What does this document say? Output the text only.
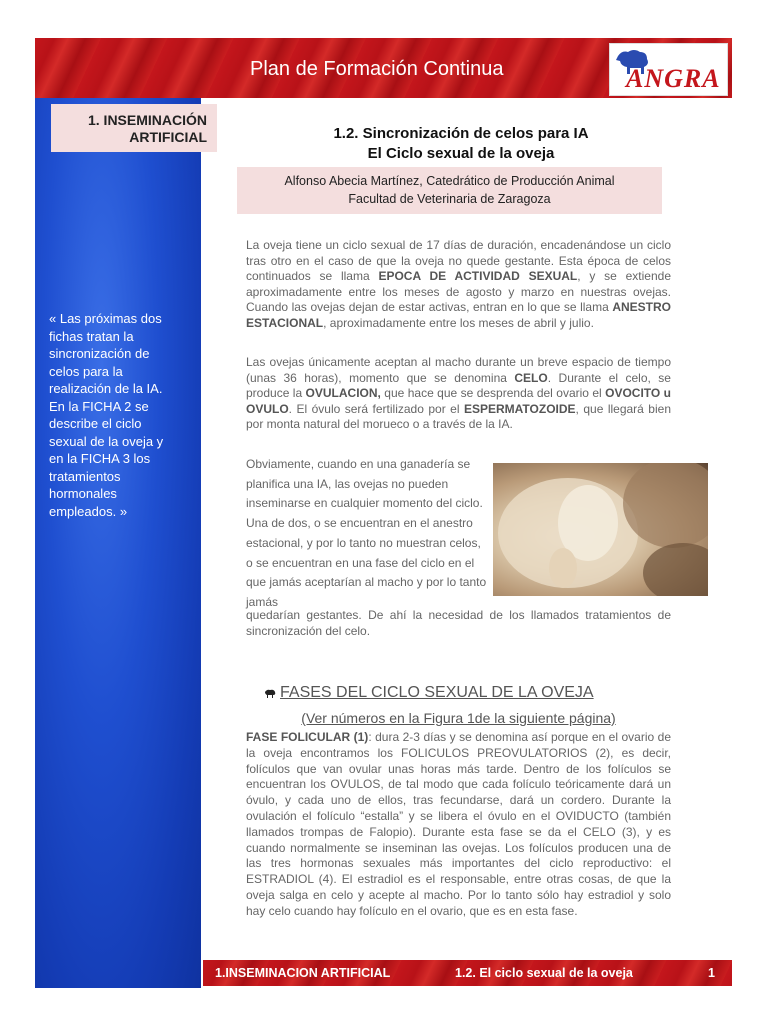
Plan de Formación Continua	ANGRA
« Las próximas dos fichas tratan la sincronización de celos para la realización de la IA. En la FICHA 2 se describe el ciclo sexual de la oveja y en la FICHA 3 los tratamientos hormonales empleados. »
1. INSEMINACIÓN
ARTIFICIAL	1.2. Sincronización de celos para IA
El Ciclo sexual de la oveja
Alfonso Abecia Martínez, Catedrático de Producción Animal
Facultad de Veterinaria de Zaragoza
La oveja tiene un ciclo sexual de 17 días de duración, encadenándose un ciclo tras otro en el caso de que la oveja no quede gestante. Esta época de celos continuados se llama EPOCA DE ACTIVIDAD SEXUAL, y se extiende aproximadamente entre los meses de agosto y marzo en nuestras ovejas. Cuando las ovejas dejan de estar activas, entran en lo que se llama ANESTRO ESTACIONAL, aproximadamente entre los meses de abril y julio.
Las ovejas únicamente aceptan al macho durante un breve espacio de tiempo (unas 36 horas), momento que se denomina CELO. Durante el celo, se produce la OVULACION, que hace que se desprenda del ovario el OVOCITO u OVULO. El óvulo será fertilizado por el ESPERMATOZOIDE, que llegará bien por monta natural del morueco o a través de la IA.
Obviamente, cuando en una ganadería se planifica una IA, las ovejas no pueden inseminarse en cualquier momento del ciclo. Una de dos, o se encuentran en el anestro estacional, y por lo tanto no muestran celos, o se encuentran en una fase del ciclo en el que jamás aceptarían al macho y por lo tanto jamás
quedarían gestantes. De ahí la necesidad de los llamados tratamientos de sincronización del celo.
FASES DEL CICLO SEXUAL DE LA OVEJA
(Ver números en la Figura 1de la siguiente página)
FASE FOLICULAR (1): dura 2-3 días y se denomina así porque en el ovario de la oveja encontramos los FOLICULOS PREOVULATORIOS (2), es decir, folículos que van ovular unas horas más tarde. Dentro de los folículos se encuentran los OVULOS, de tal modo que cada folículo teóricamente dará un óvulo, y cada uno de ellos, tras fecundarse, dará un cordero. Durante la ovulación el folículo “estalla” y se libera el óvulo en el OVIDUCTO (también llamados trompas de Falopio). Durante esta fase se da el CELO (3), y es cuando normalmente se inseminan las ovejas. Los folículos producen una de las tres hormonas sexuales más importantes del ciclo reproductivo: el ESTRADIOL (4). El estradiol es el responsable, entre otras cosas, de que la oveja salga en celo y acepte al macho. Por lo tanto sólo hay estradiol y solo hay celo cuando hay folículo en el ovario, que es en esta fase.
1.INSEMINACION ARTIFICIAL	1.2. El ciclo sexual de la oveja	1
